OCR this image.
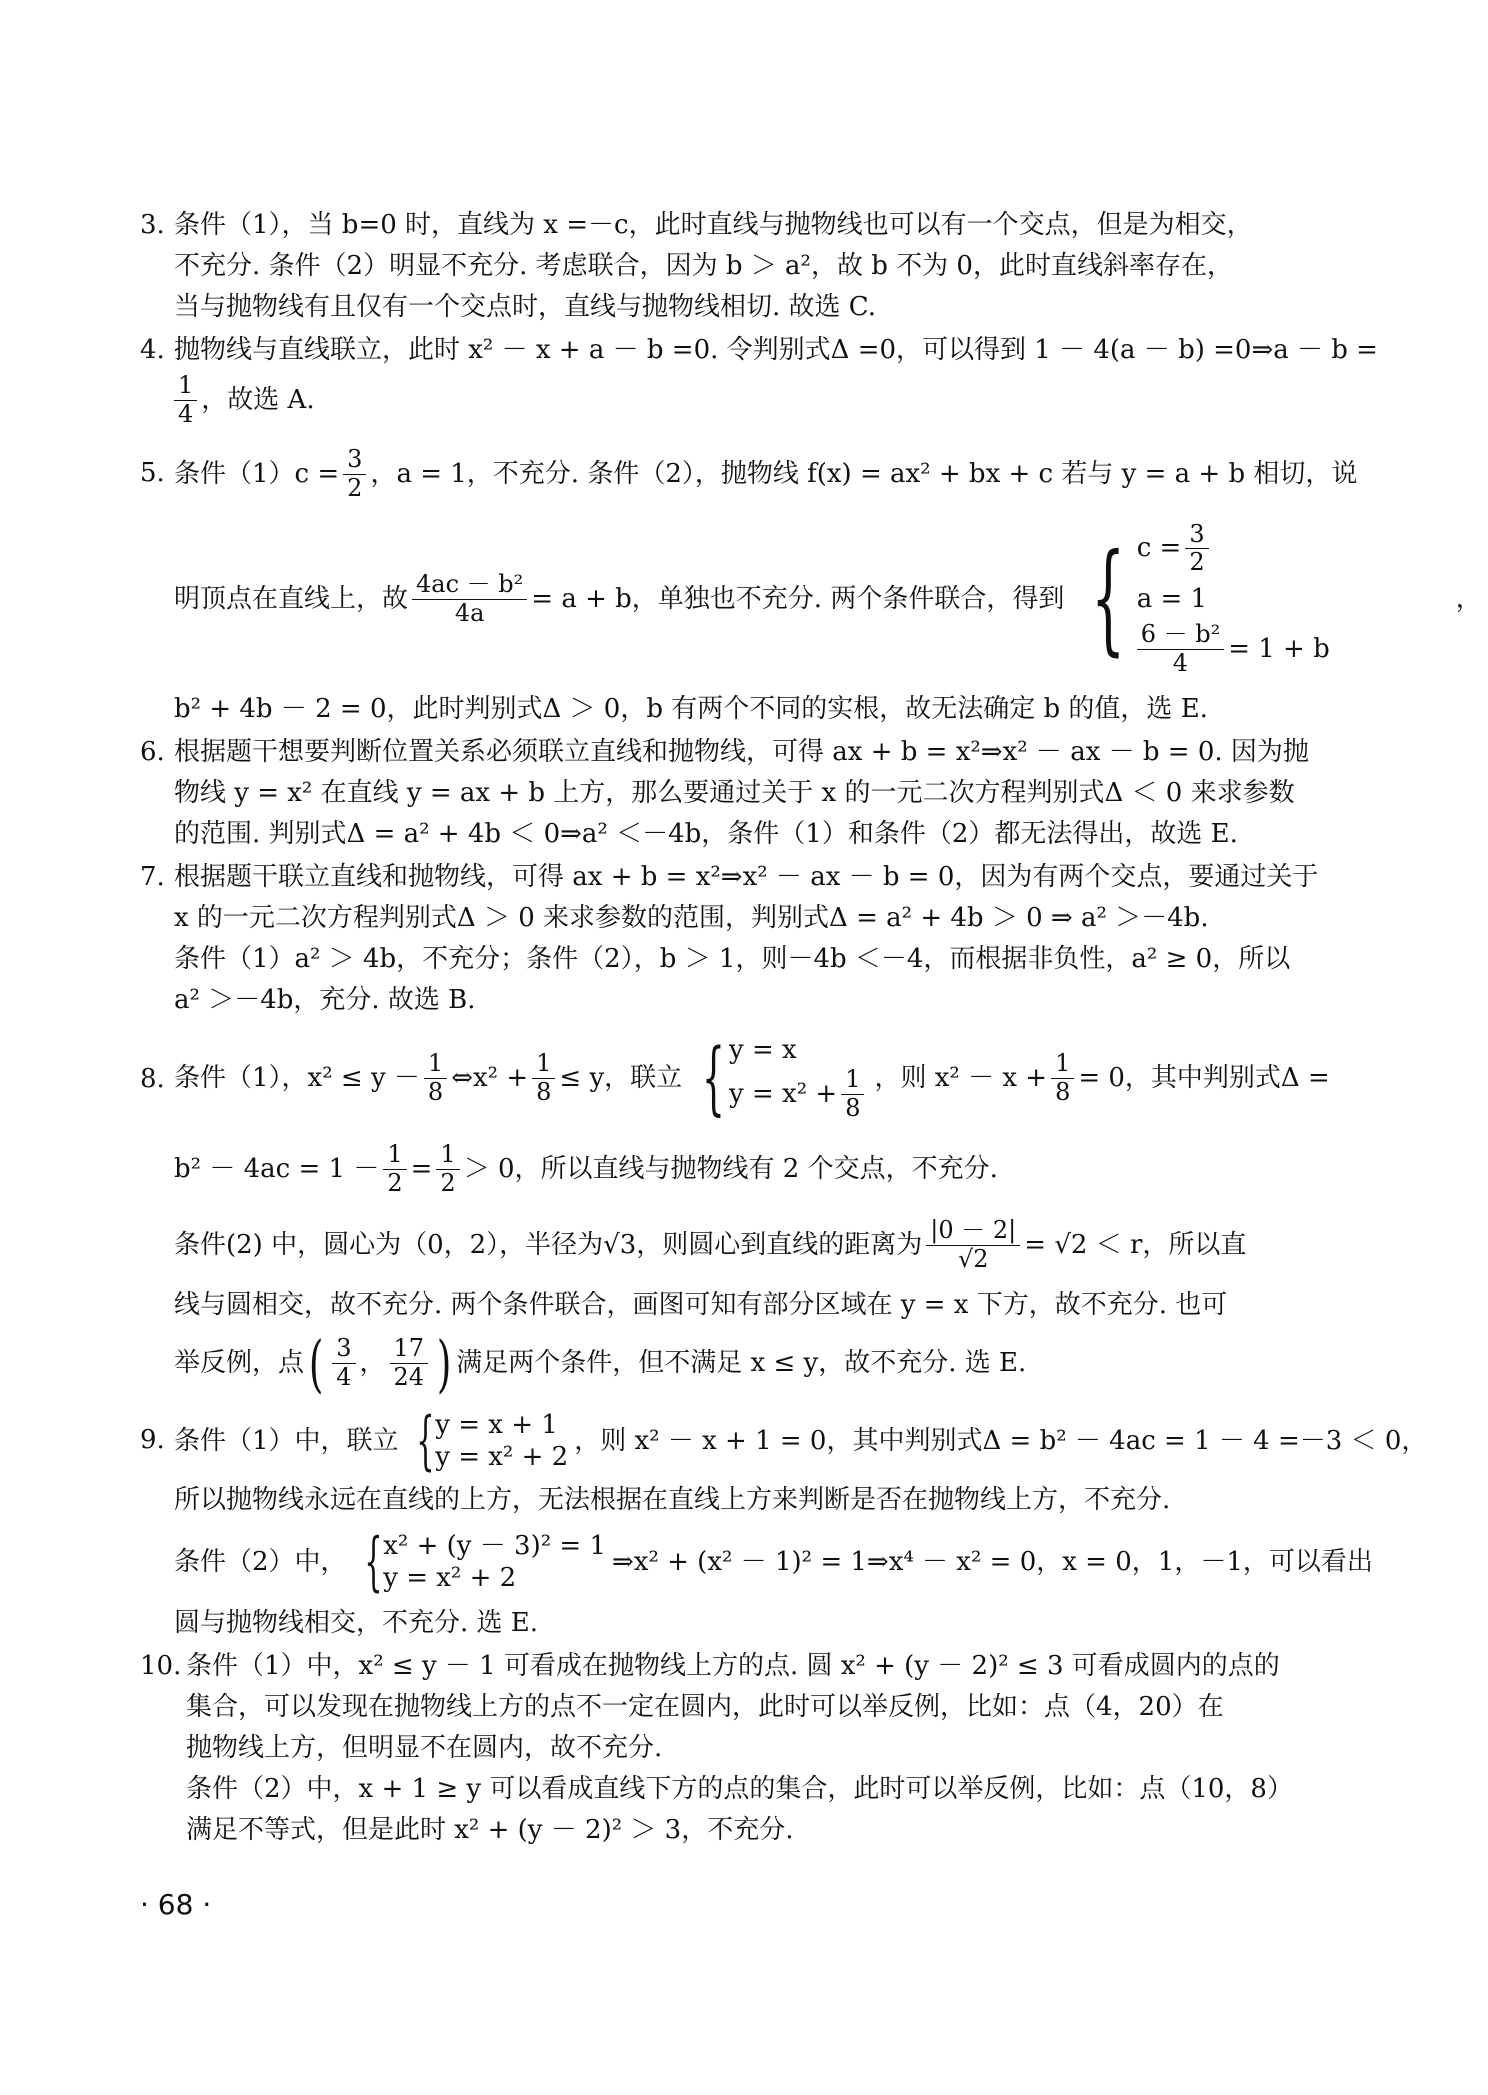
3. 条件（1），当 b=0 时，直线为 x =－c，此时直线与抛物线也可以有一个交点，但是为相交，
不充分. 条件（2）明显不充分. 考虑联合，因为 b ＞ a²，故 b 不为 0，此时直线斜率存在，
当与抛物线有且仅有一个交点时，直线与抛物线相切. 故选 C.
4. 抛物线与直线联立，此时 x² － x + a － b =0. 令判别式Δ =0，可以得到 1 － 4(a － b) =0⇒a － b =
$\frac{1}{4}$ ，故选 A.
5. 条件$(1)c = \frac{3}{2}$ ，a = 1，不充分. 条件（2），抛物线 f(x) = ax² + bx + c 若与 y = a + b 相切，说
明顶点在直线上，故 $\frac{\text{4ac － b²}}{4a} = a + b$，单独也不充分. 两个条件联合，得到 { $c = \frac{3}{2}$
a = 1
$\frac{\text{6 － b²}}{4} = 1 + b$
，
b² + 4b － 2 = 0，此时判别式Δ ＞ 0，b 有两个不同的实根，故无法确定 b 的值，选 E.
6. 根据题干想要判断位置关系必须联立直线和抛物线，可得 ax + b = x²⇒x² － ax － b = 0. 因为抛
物线 y = x² 在直线 y = ax + b 上方，那么要通过关于 x 的一元二次方程判别式Δ ＜ 0 来求参数
的范围. 判别式Δ = a² + 4b ＜ 0⇒a² ＜－4b，条件（1）和条件（2）都无法得出，故选 E.
7. 根据题干联立直线和抛物线，可得 ax + b = x²⇒x² － ax － b = 0，因为有两个交点，要通过关于
x 的一元二次方程判别式Δ ＞ 0 来求参数的范围，判别式Δ = a² + 4b ＞ 0 ⇒ a² ＞－4b.
条件（1）a² ＞ 4b，不充分；条件（2），b ＞ 1，则－4b ＜－4，而根据非负性，a² ≥ 0，所以
a² ＞－4b，充分. 故选 B.
8. 条件（1），$x^2 \le y - \frac{1}{8}$ ⇔x² + $\frac{1}{8} \le y$，联立 { y = x
$y = x^2 + \frac{1}{8}$ ，则 $x^2 - x + \frac{1}{8} = 0$，其中判别式Δ =
$b^2 - 4ac = 1 - \frac{1}{2} = \frac{1}{2} > 0$，所以直线与抛物线有 2 个交点，不充分.
条件(2) 中，圆心为（0，2），半径为√3，则圆心到直线的距离为 $\frac{|0 - 2|}{√2} = √2 < r$，所以直
线与圆相交，故不充分. 两个条件联合，画图可知有部分区域在 y = x 下方，故不充分. 也可
举反例，点 ( $\frac{3}{4}$ ， $\frac{17}{24}$ ) 满足两个条件，但不满足 x ≤ y，故不充分. 选 E.
9. 条件（1）中，联立 { y = x + 1
y = x² + 2
，则 x² － x + 1 = 0，其中判别式Δ = b² － 4ac = 1 － 4 =－3 ＜ 0，
所以抛物线永远在直线的上方，无法根据在直线上方来判断是否在抛物线上方，不充分.
条件（2）中， { x² + (y － 3)² = 1
y = x² + 2
⇒x² + (x² － 1)² = 1⇒x⁴ － x² = 0，x = 0，1，－1，可以看出
圆与抛物线相交，不充分. 选 E.
10. 条件（1）中，x² ≤ y － 1 可看成在抛物线上方的点. 圆 x² + (y － 2)² ≤ 3 可看成圆内的点的
集合，可以发现在抛物线上方的点不一定在圆内，此时可以举反例，比如：点（4，20）在
抛物线上方，但明显不在圆内，故不充分.
条件（2）中，x + 1 ≥ y 可以看成直线下方的点的集合，此时可以举反例，比如：点（10，8）
满足不等式，但是此时 x² + (y － 2)² ＞ 3，不充分.
· 68 ·
